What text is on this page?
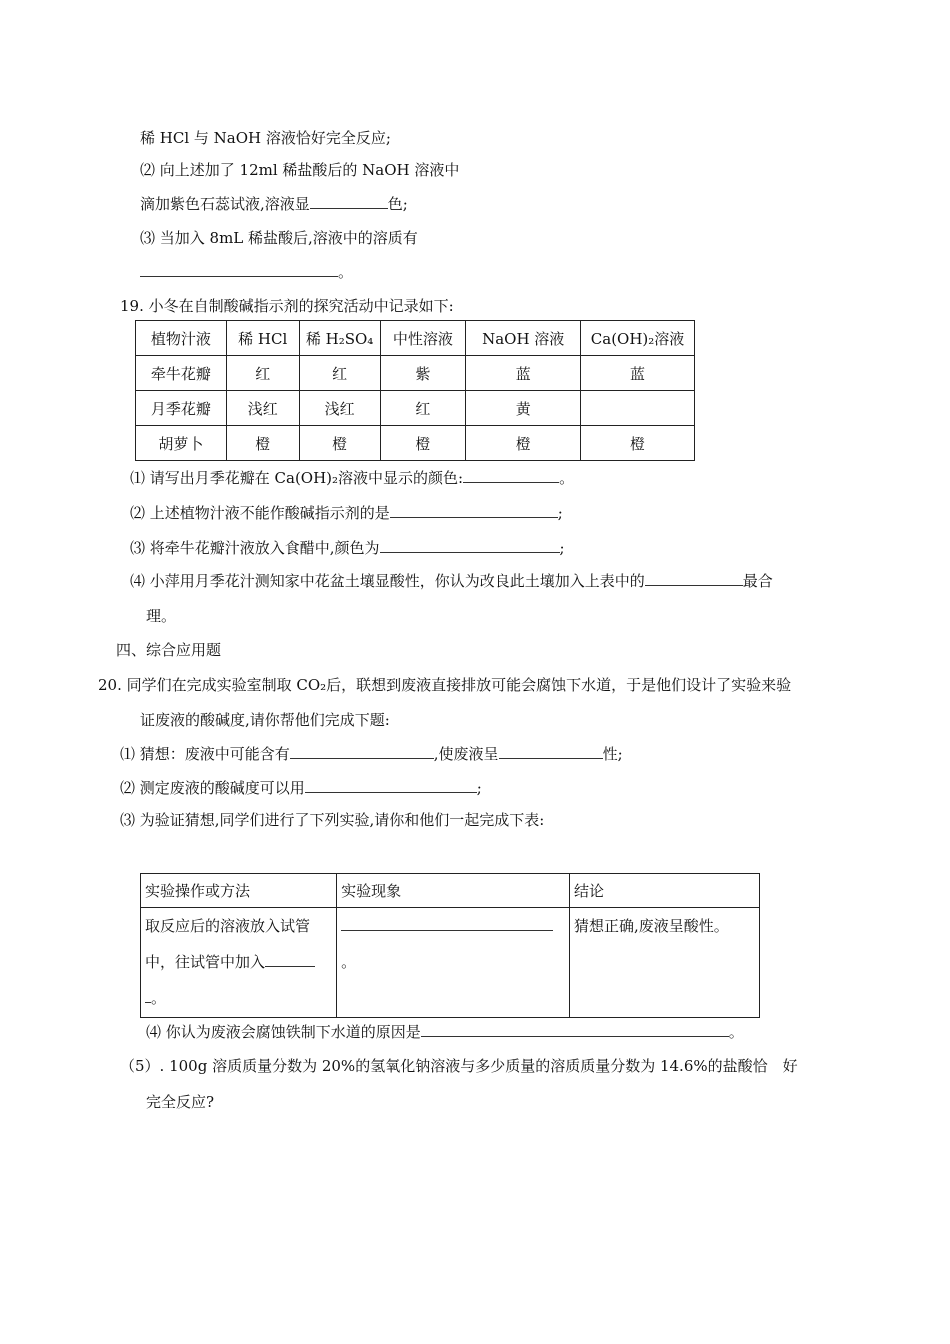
稀 HCl 与 NaOH 溶液恰好完全反应;
⑵ 向上述加了 12ml 稀盐酸后的 NaOH 溶液中
滴加紫色石蕊试液,溶液显	色;
⑶ 当加入 8mL 稀盐酸后,溶液中的溶质有
。
19. 小冬在自制酸碱指示剂的探究活动中记录如下:
植物汁液	稀 HCl	稀 H₂SO₄	中性溶液	NaOH 溶液	Ca(OH)₂溶液
牵牛花瓣	红	红	紫	蓝	蓝
月季花瓣	浅红	浅红	红	黄	
胡萝卜	橙	橙	橙	橙	橙
⑴ 请写出月季花瓣在 Ca(OH)₂溶液中显示的颜色:	。
⑵ 上述植物汁液不能作酸碱指示剂的是	;
⑶ 将牵牛花瓣汁液放入食醋中,颜色为	;
⑷ 小萍用月季花汁测知家中花盆土壤显酸性，你认为改良此土壤加入上表中的	最合
理。
四、综合应用题
20. 同学们在完成实验室制取 CO₂后，联想到废液直接排放可能会腐蚀下水道，于是他们设计了实验来验
证废液的酸碱度,请你帮他们完成下题:
⑴ 猜想：废液中可能含有	,使废液呈	性;
⑵ 测定废液的酸碱度可以用	;
⑶ 为验证猜想,同学们进行了下列实验,请你和他们一起完成下表:
实验操作或方法	实验现象	结论

取反应后的溶液放入试管
中，往试管中加入
。	。	猜想正确,废液呈酸性。
⑷ 你认为废液会腐蚀铁制下水道的原因是	。
（5）. 100g 溶质质量分数为 20%的氢氧化钠溶液与多少质量的溶质质量分数为 14.6%的盐酸恰　好
完全反应?
